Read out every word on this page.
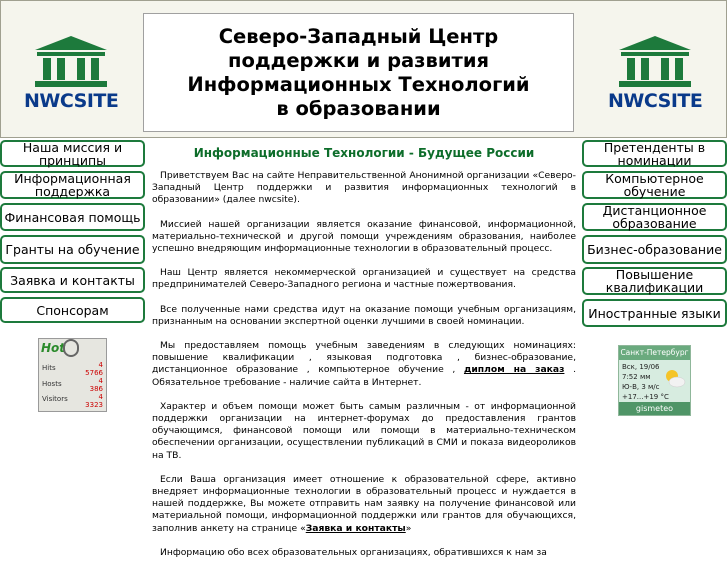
NWCSITE	NWCSITE
Северо-Западный Центр
поддержки и развития
Информационных Технологий
в образовании
Наша миссия и принципы
Информационная поддержка
Финансовая помощь
Гранты на обучение
Заявка и контакты
Спонсорам
Претенденты в номинации
Компьютерное обучение
Дистанционное образование
Бизнес-образование
Повышение квалификации
Иностранные языки
Hot
Hits
5766
Hosts
386
Visitors
3323
4
4
4
Санкт-Петербург
Вск, 19/06
7:52 мм
Ю-В, 3 м/с
+17...+19 °С
gismeteo
Информационные Технологии - Будущее России

Приветствуем Вас на сайте Неправительственной Анонимной организации «Северо-Западный Центр поддержки и развития информационных технологий в образовании» (далее nwcsite).

Миссией нашей организации является оказание финансовой, информационной, материально-технической и другой помощи учреждениям образования, наиболее успешно внедряющим информационные технологии в образовательный процесс.

Наш Центр является некоммерческой организацией и существует на средства предпринимателей Северо-Западного региона и частные пожертвования.

Все полученные нами средства идут на оказание помощи учебным организациям, признанным на основании экспертной оценки лучшими в своей номинации.

Мы предоставляем помощь учебным заведениям в следующих номинациях: повышение квалификации , языковая подготовка , бизнес-образование, дистанционное образование , компьютерное обучение , диплом на заказ . Обязательное требование - наличие сайта в Интернет.

Характер и объем помощи может быть самым различным - от информационной поддержки организации на интернет-форумах до предоставления грантов обучающимся, финансовой помощи или помощи в материально-техническом обеспечении организации, осуществлении публикаций в СМИ и показа видеороликов на ТВ.

Если Ваша организация имеет отношение к образовательной сфере, активно внедряет информационные технологии в образовательный процесс и нуждается в нашей поддержке, Вы можете отправить нам заявку на получение финансовой или материальной помощи, информационной поддержки или грантов для обучающихся, заполнив анкету на странице «Заявка и контакты»

Информацию обо всех образовательных организациях, обратившихся к нам за
